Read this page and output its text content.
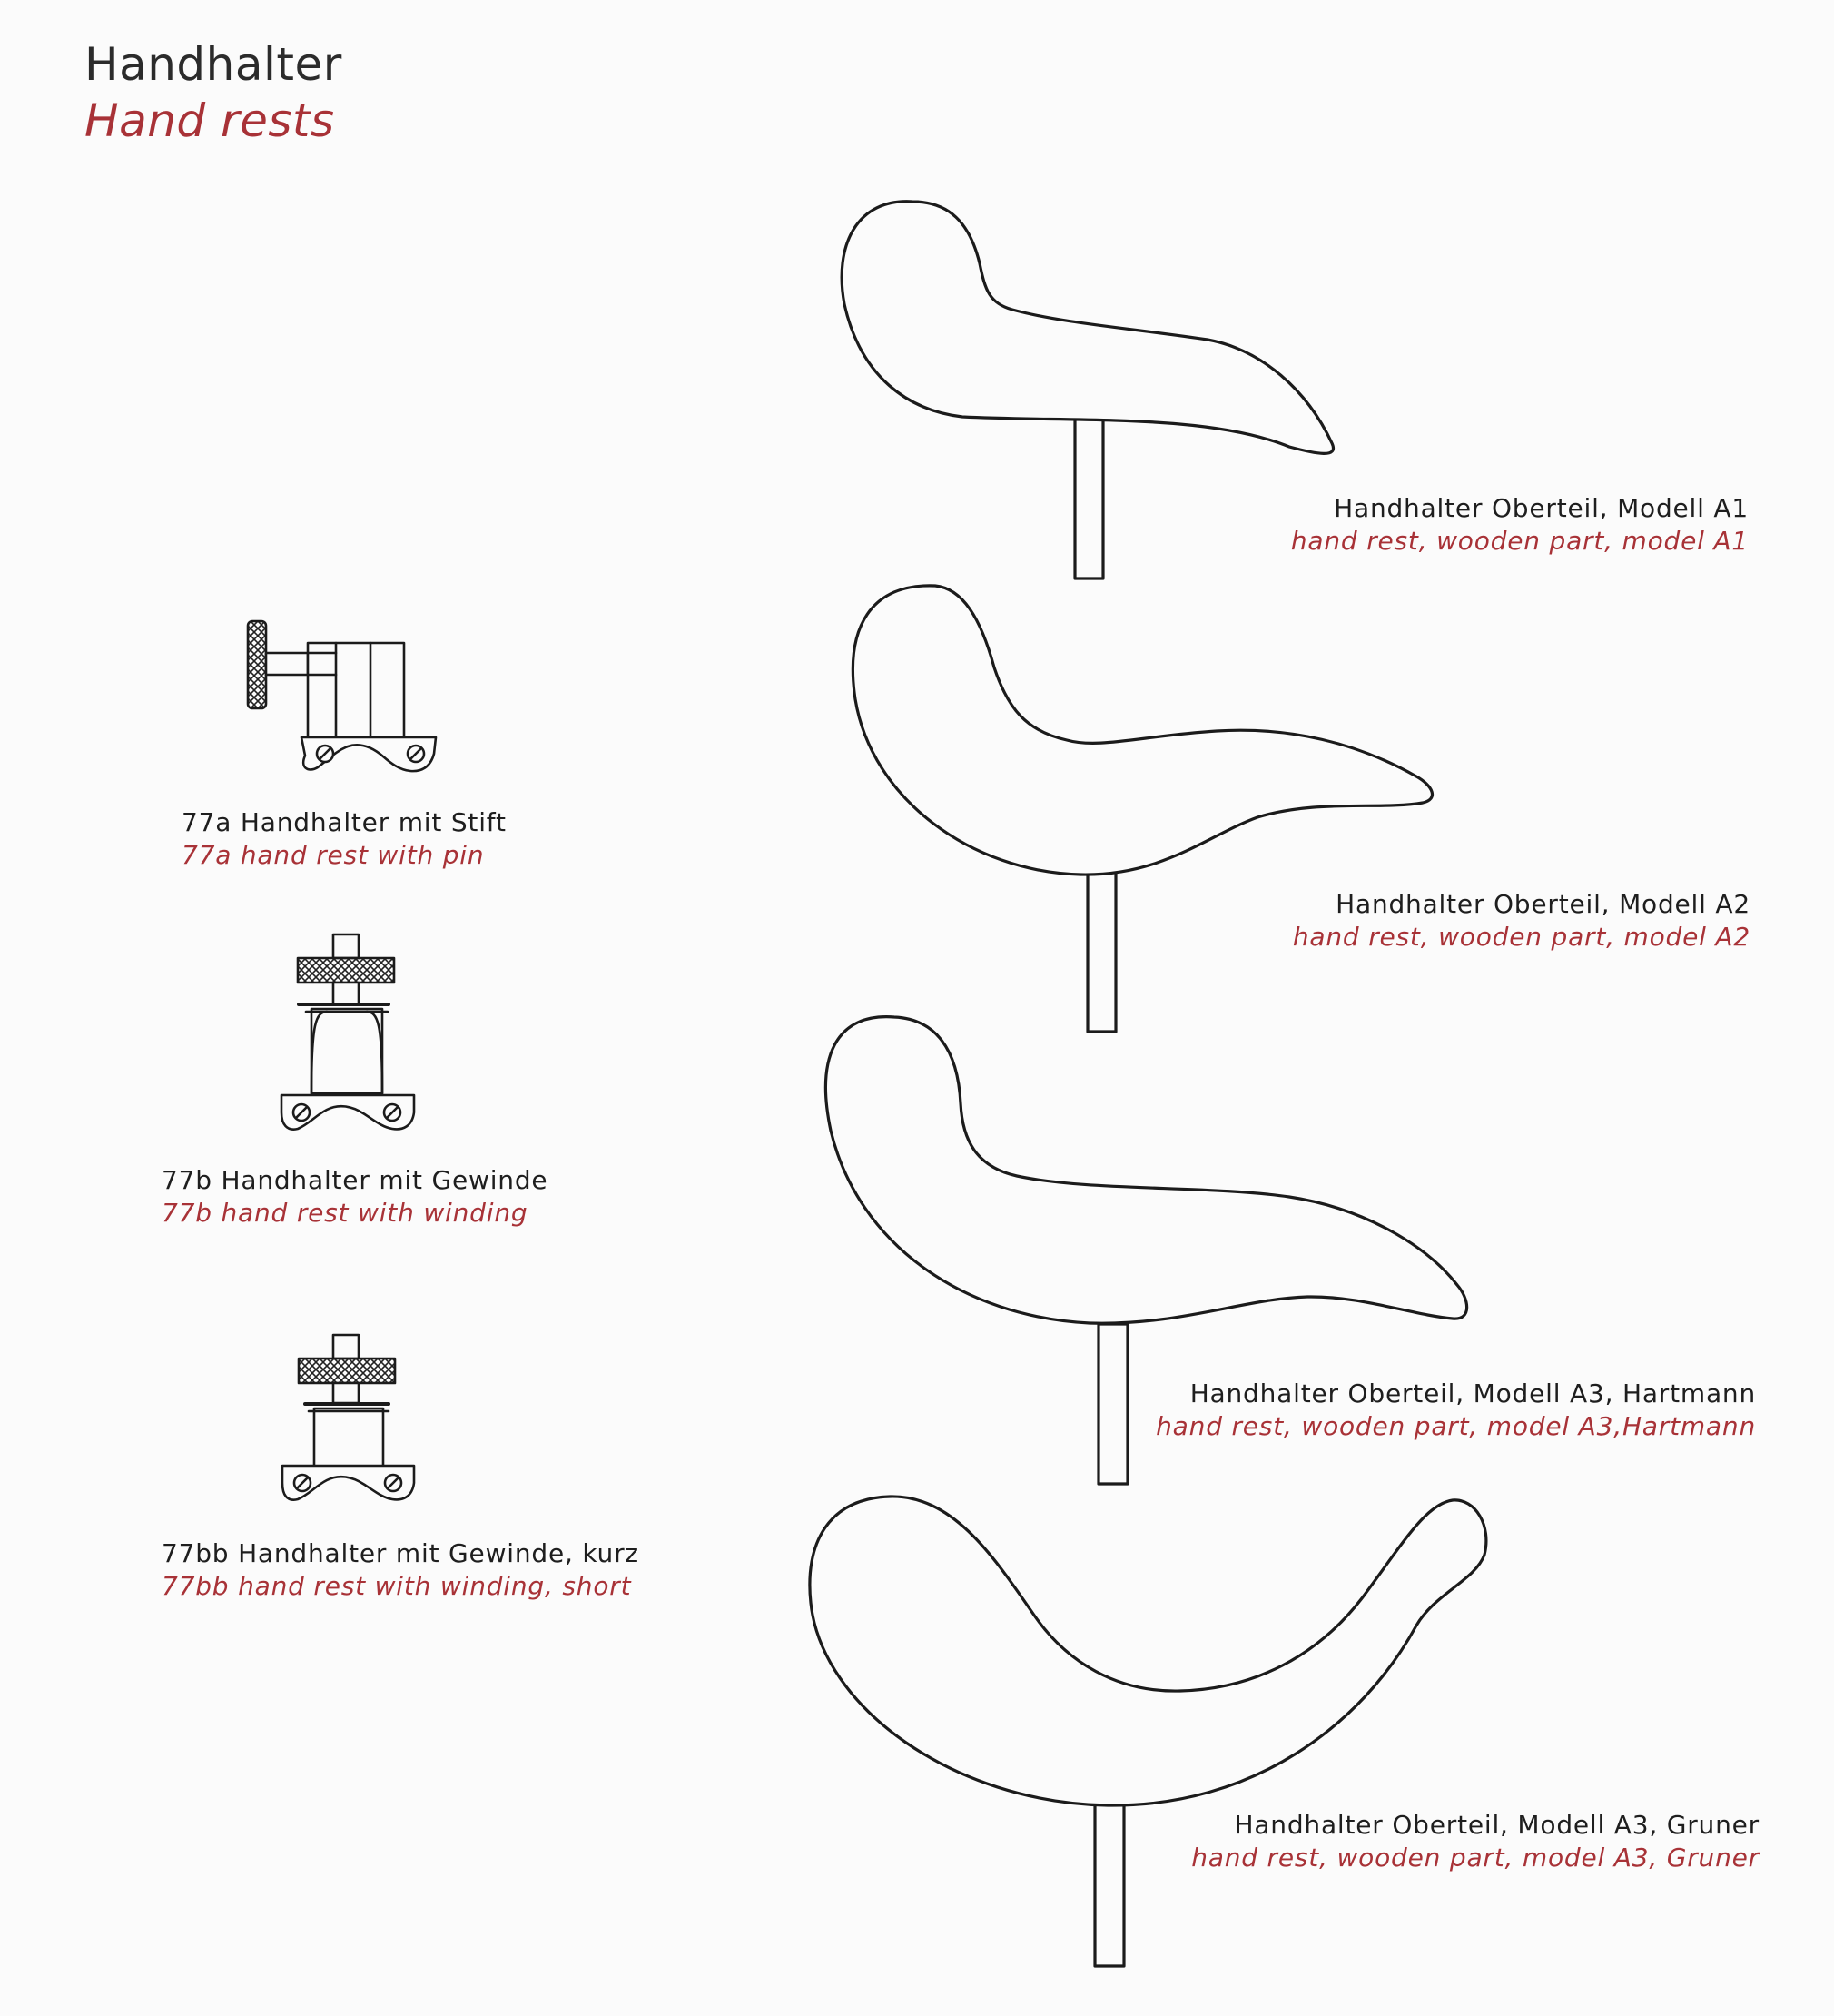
Handhalter
Hand rests
Handhalter Oberteil, Modell A1
hand rest, wooden part, model A1
Handhalter Oberteil, Modell A2
hand rest, wooden part, model A2
Handhalter Oberteil, Modell A3, Hartmann
hand rest, wooden part, model A3,Hartmann
Handhalter Oberteil, Modell A3, Gruner
hand rest, wooden part, model A3, Gruner
77a Handhalter mit Stift
77a hand rest with pin
77b Handhalter mit Gewinde
77b hand rest with winding
77bb Handhalter mit Gewinde, kurz
77bb hand rest with winding, short
